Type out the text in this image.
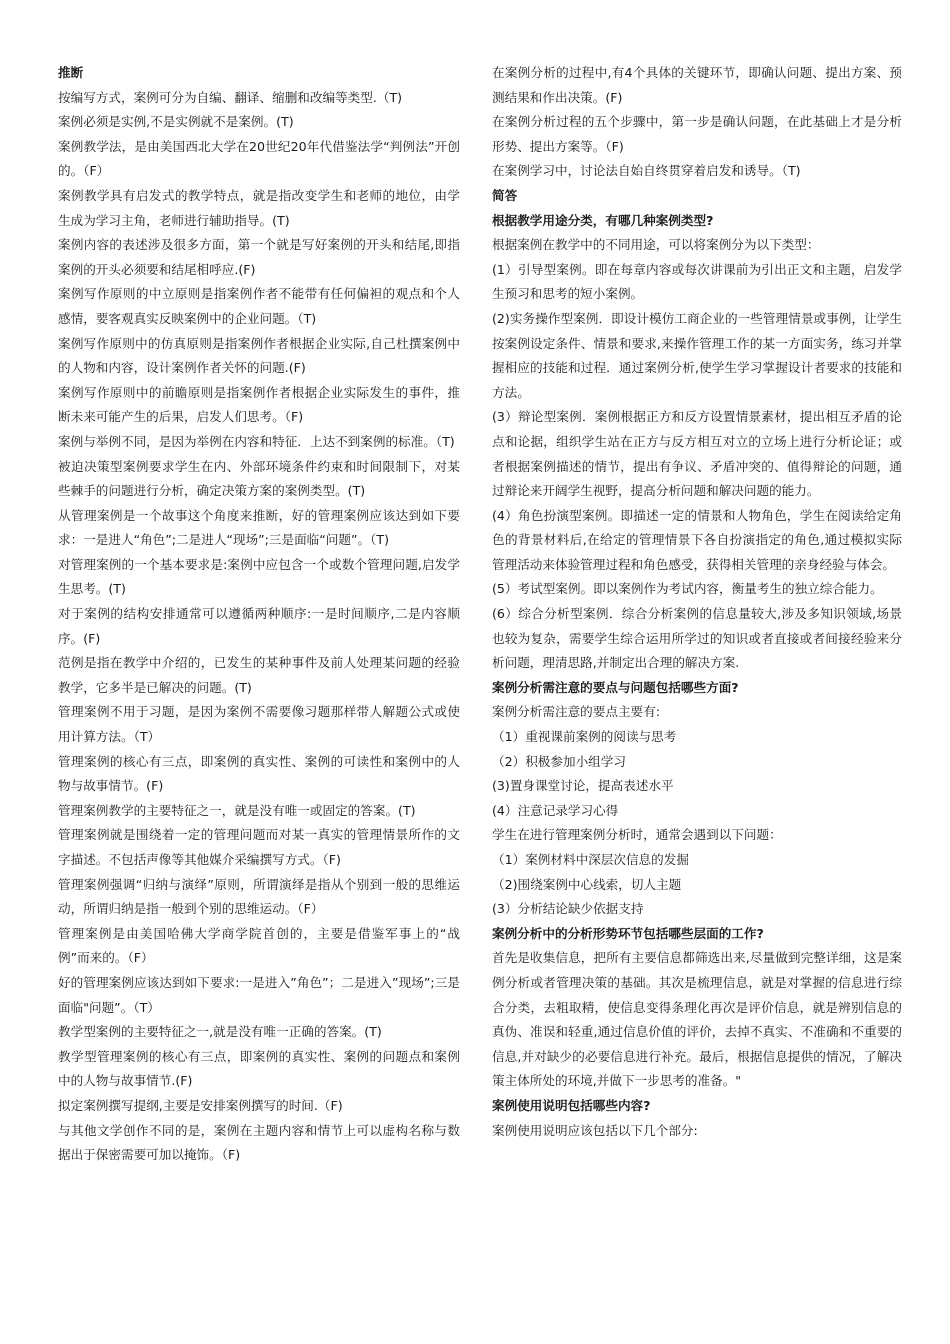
推断

按编写方式，案例可分为自编、翻译、缩删和改编等类型.（T)

案例必须是实例,不是实例就不是案例。(T)

案例教学法，是由美国西北大学在20世纪20年代借鉴法学“判例法”开创的。（F）

案例教学具有启发式的教学特点，就是指改变学生和老师的地位，由学生成为学习主角，老师进行辅助指导。(T)

案例内容的表述涉及很多方面，第一个就是写好案例的开头和结尾,即指案例的开头必须要和结尾相呼应.(F)

案例写作原则的中立原则是指案例作者不能带有任何偏袒的观点和个人感情，要客观真实反映案例中的企业问题。（T)

案例写作原则中的仿真原则是指案例作者根据企业实际,自己杜撰案例中的人物和内容，设计案例作者关怀的问题.(F)

案例写作原则中的前瞻原则是指案例作者根据企业实际发生的事件，推断未来可能产生的后果，启发人们思考。（F)

案例与举例不同，是因为举例在内容和特征．上达不到案例的标准。（T)

被迫决策型案例要求学生在内、外部环境条件约束和时间限制下，对某些棘手的问题进行分析，确定决策方案的案例类型。(T)

从管理案例是一个故事这个角度来推断，好的管理案例应该达到如下要求：一是进人“角色”;二是进人“现场”;三是面临“问题”。（T)

对管理案例的一个基本要求是:案例中应包含一个或数个管理问题,启发学生思考。(T)

对于案例的结构安排通常可以遵循两种顺序:一是时间顺序,二是内容顺序。(F)

范例是指在教学中介绍的，已发生的某种事件及前人处理某问题的经验教学，它多半是已解决的问题。(T)

管理案例不用于习题，是因为案例不需要像习题那样带人解题公式或使用计算方法。（T）

管理案例的核心有三点，即案例的真实性、案例的可读性和案例中的人物与故事情节。(F)

管理案例教学的主要特征之一，就是没有唯一或固定的答案。(T)

管理案例就是围绕着一定的管理问题而对某一真实的管理情景所作的文字描述。不包括声像等其他媒介采编撰写方式。（F)

管理案例强调“归纳与演绎”原则，所谓演绎是指从个别到一般的思维运动，所谓归纳是指一般到个别的思维运动。（F）

管理案例是由美国哈佛大学商学院首创的，主要是借鉴军事上的“战例”而来的。（F）

好的管理案例应该达到如下要求:一是进入”角色”；二是进入”现场”;三是面临"问题”。（T）

教学型案例的主要特征之一,就是没有唯一正确的答案。(T)

教学型管理案例的核心有三点，即案例的真实性、案例的问题点和案例中的人物与故事情节.(F)

拟定案例撰写提纲,主要是安排案例撰写的时间.（F)

与其他文学创作不同的是，案例在主题内容和情节上可以虚构名称与数据出于保密需要可加以掩饰。（F)

在案例分析的过程中,有4个具体的关键环节，即确认问题、提出方案、预测结果和作出决策。(F)

在案例分析过程的五个步骤中，第一步是确认问题，在此基础上才是分析形势、提出方案等。（F)

在案例学习中，讨论法自始自终贯穿着启发和诱导。（T)

简答

根据教学用途分类，有哪几种案例类型?

根据案例在教学中的不同用途，可以将案例分为以下类型：

(1）引导型案例。即在每章内容或每次讲课前为引出正文和主题，启发学生预习和思考的短小案例。

(2)实务操作型案例．即设计模仿工商企业的一些管理情景或事例，让学生按案例设定条件、情景和要求,来操作管理工作的某一方面实务，练习并掌握相应的技能和过程．通过案例分析,使学生学习掌握设计者要求的技能和方法。

(3）辩论型案例．案例根据正方和反方设置情景素材，提出相互矛盾的论点和论据，组织学生站在正方与反方相互对立的立场上进行分析论证；或者根据案例描述的情节，提出有争议、矛盾冲突的、值得辩论的问题，通过辩论来开阔学生视野，提高分析问题和解决问题的能力。

(4）角色扮演型案例。即描述一定的情景和人物角色，学生在阅读给定角色的背景材料后,在给定的管理情景下各自扮演指定的角色,通过模拟实际管理活动来体验管理过程和角色感受，获得相关管理的亲身经验与体会。

(5）考试型案例。即以案例作为考试内容，衡量考生的独立综合能力。

(6）综合分析型案例．综合分析案例的信息量较大,涉及多知识领域,场景也较为复杂，需要学生综合运用所学过的知识或者直接或者间接经验来分析问题，理清思路,并制定出合理的解决方案.

案例分析需注意的要点与问题包括哪些方面?

案例分析需注意的要点主要有:

（1）重视课前案例的阅读与思考

（2）积极参加小组学习

(3)置身课堂讨论，提高表述水平

(4）注意记录学习心得

学生在进行管理案例分析时，通常会遇到以下问题：

（1）案例材料中深层次信息的发掘

（2)围绕案例中心线索，切人主题

(3）分析结论缺少依据支持

案例分析中的分析形势环节包括哪些层面的工作?

首先是收集信息，把所有主要信息都筛选出来,尽量做到完整详细，这是案例分析或者管理决策的基础。其次是梳理信息，就是对掌握的信息进行综合分类，去粗取精，使信息变得条理化再次是评价信息，就是辨别信息的真伪、准误和轻重,通过信息价值的评价，去掉不真实、不准确和不重要的信息,并对缺少的必要信息进行补充。最后，根据信息提供的情况，了解决策主体所处的环境,并做下一步思考的准备。"

案例使用说明包括哪些内容?

案例使用说明应该包括以下几个部分:
